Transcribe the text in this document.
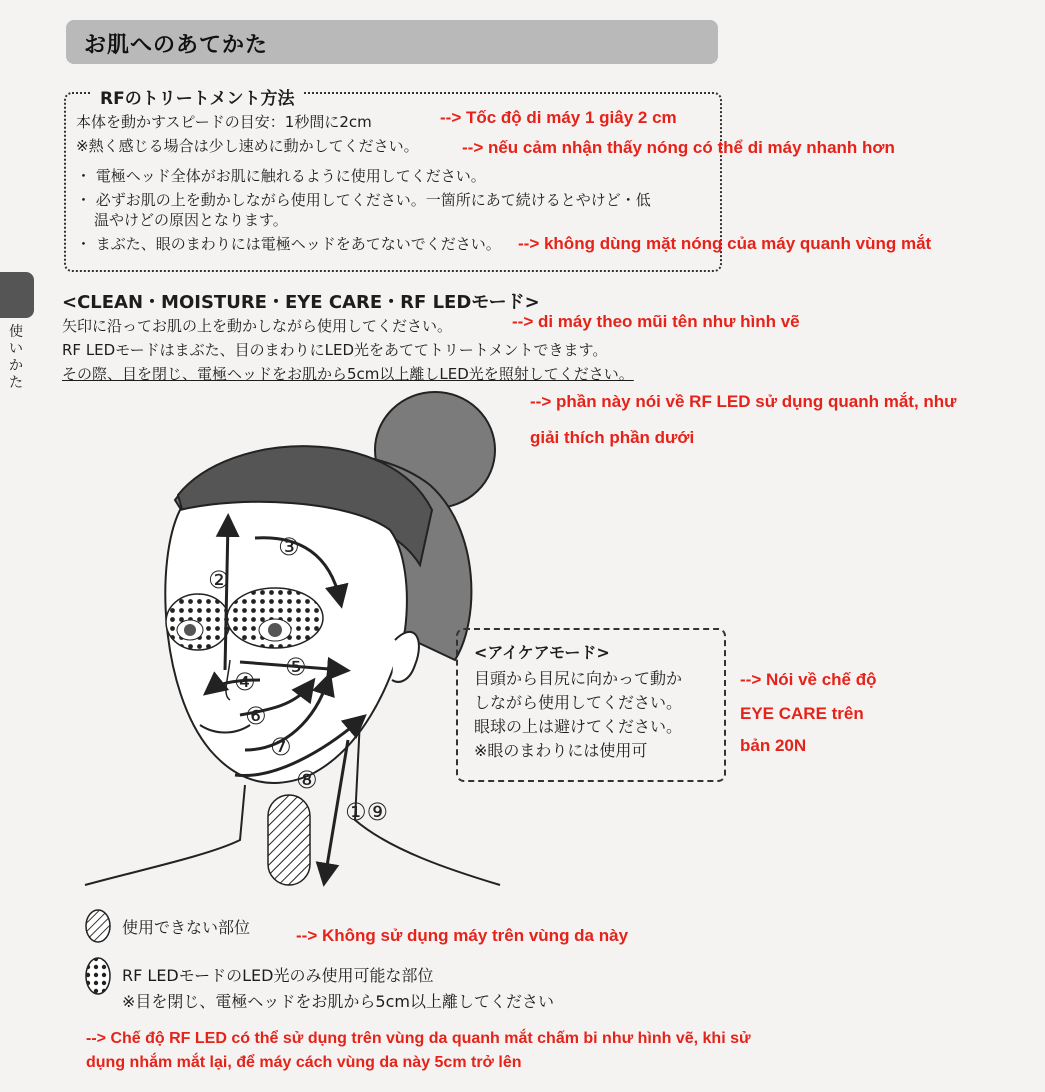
お肌へのあてかた
RFのトリートメント方法
本体を動かすスピードの目安：1秒間に2cm
※熱く感じる場合は少し速めに動かしてください。
・ 電極ヘッド全体がお肌に触れるように使用してください。
・ 必ずお肌の上を動かしながら使用してください。一箇所にあて続けるとやけど・低
温やけどの原因となります。
・ まぶた、眼のまわりには電極ヘッドをあてないでください。
--> Tốc độ di máy 1 giây 2 cm
--> nếu cảm nhận thấy nóng có thể di máy nhanh hơn
--> không dùng mặt nóng của máy quanh vùng mắt
使いかた
<CLEAN・MOISTURE・EYE CARE・RF LEDモード>
矢印に沿ってお肌の上を動かしながら使用してください。
RF LEDモードはまぶた、目のまわりにLED光をあててトリートメントできます。
その際、目を閉じ、電極ヘッドをお肌から5cm以上離しLED光を照射してください。
--> di máy theo mũi tên như hình vẽ
--> phần này nói về RF LED sử dụng quanh mắt, như
giải thích phần dưới
②
③
⑤
④
⑥
⑦
⑧
①⑨
<アイケアモード>
目頭から目尻に向かって動か
しながら使用してください。
眼球の上は避けてください。
※眼のまわりには使用可
--> Nói về chế độ
EYE CARE trên
bản 20N
使用できない部位	--> Không sử dụng máy trên vùng da này
RF LEDモードのLED光のみ使用可能な部位
※目を閉じ、電極ヘッドをお肌から5cm以上離してください
--> Chế độ RF LED có thể sử dụng trên vùng da quanh mắt chấm bi như hình vẽ, khi sử
dụng nhắm mắt lại, để máy cách vùng da này 5cm trở lên
